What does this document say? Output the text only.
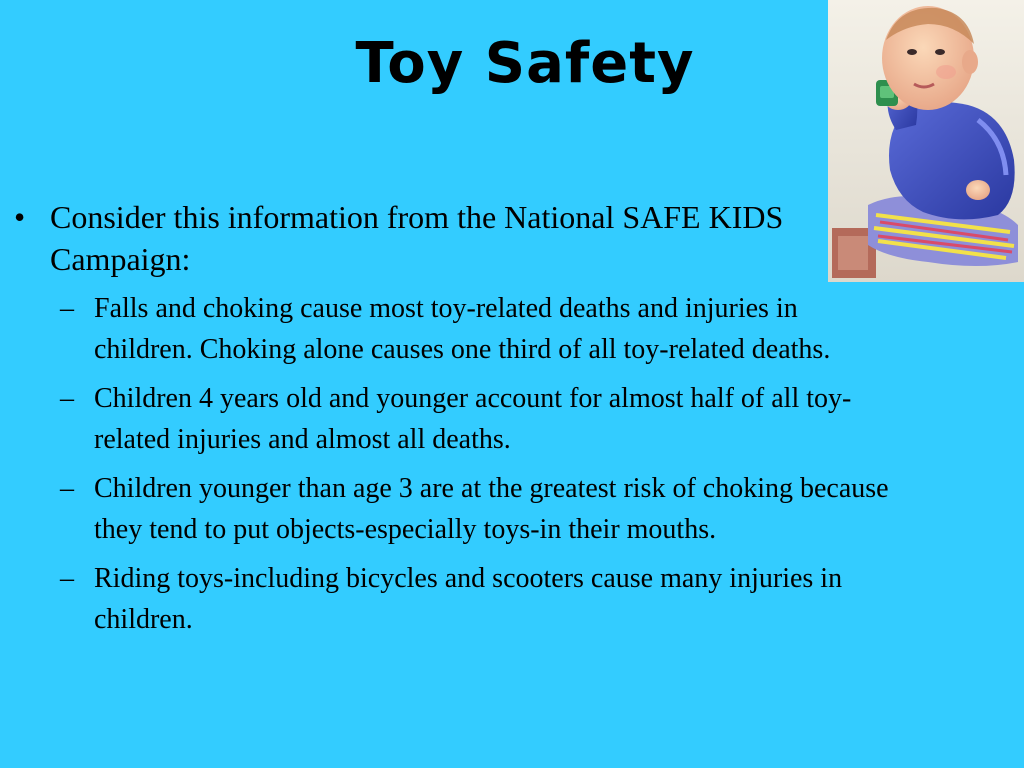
Toy Safety
• Consider this information from the National SAFE KIDS Campaign:
– Falls and choking cause most toy-related deaths and injuries in children. Choking alone causes one third of all toy-related deaths.
– Children 4 years old and younger account for almost half of all toy-related injuries and almost all deaths.
– Children younger than age 3 are at the greatest risk of choking because they tend to put objects-especially toys-in their mouths.
– Riding toys-including bicycles and scooters cause many injuries in children.
